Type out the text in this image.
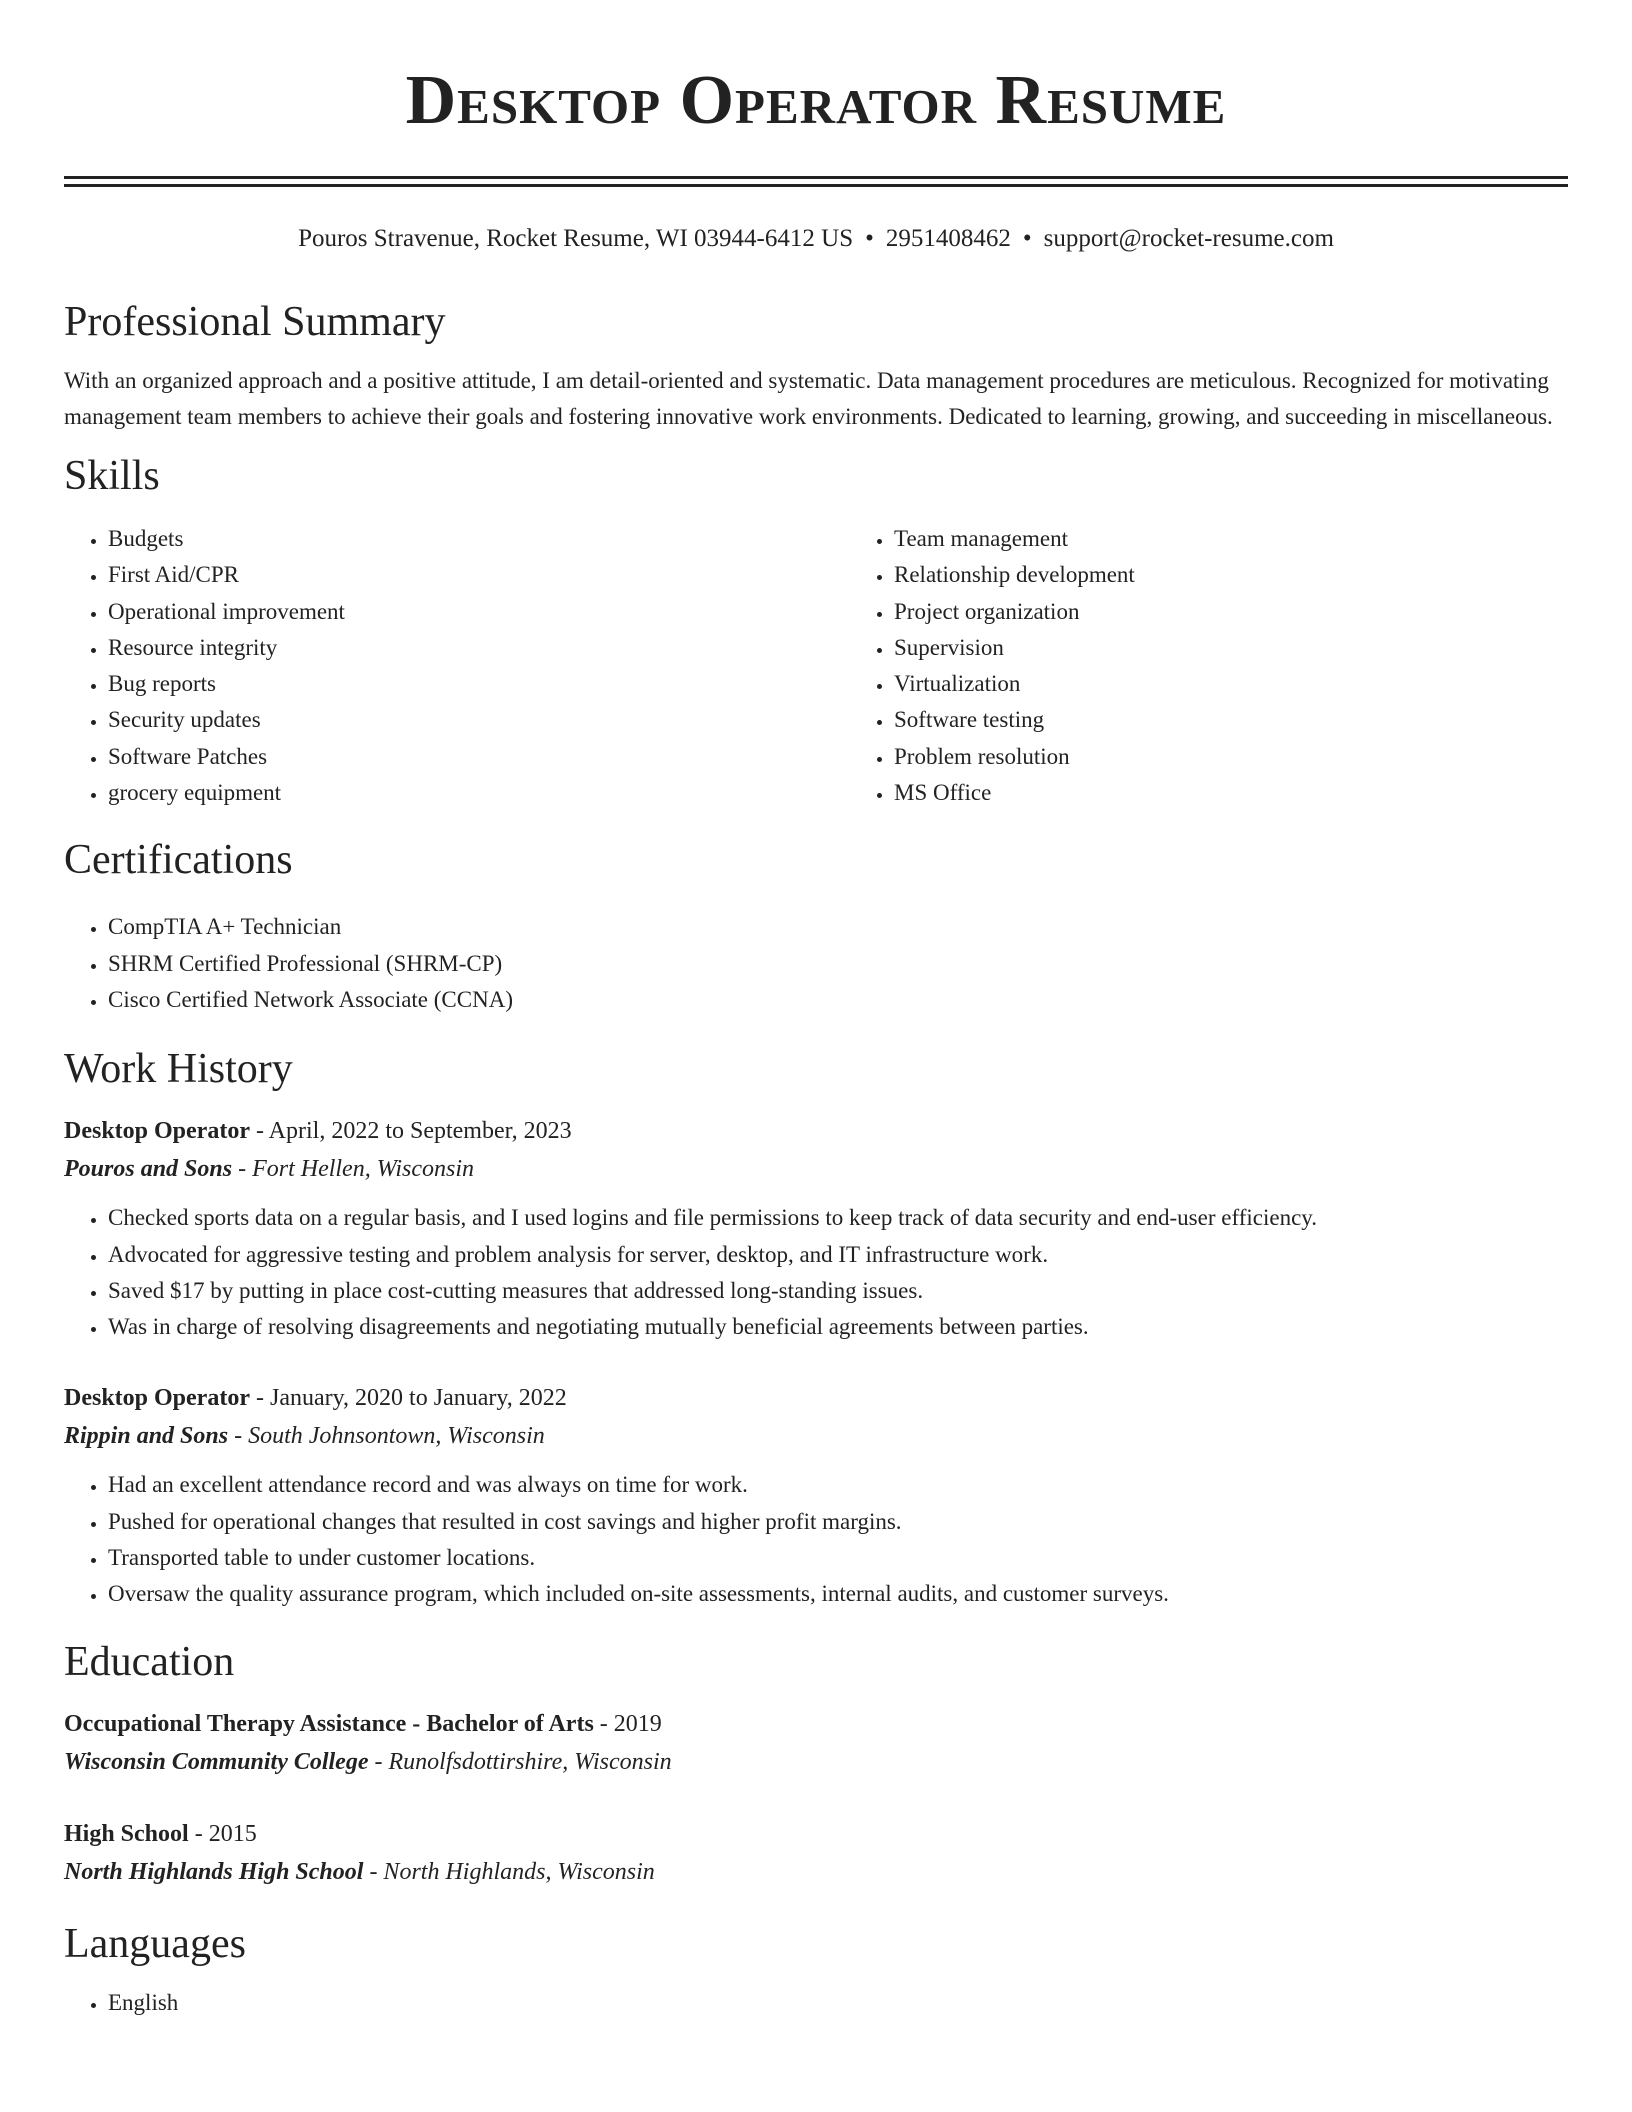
Desktop Operator Resume
Pouros Stravenue, Rocket Resume, WI 03944-6412 US • 2951408462 • support@rocket-resume.com
Professional Summary
With an organized approach and a positive attitude, I am detail-oriented and systematic. Data management procedures are meticulous. Recognized for motivating management team members to achieve their goals and fostering innovative work environments. Dedicated to learning, growing, and succeeding in miscellaneous.
Skills
• Budgets
• First Aid/CPR
• Operational improvement
• Resource integrity
• Bug reports
• Security updates
• Software Patches
• grocery equipment
• Team management
• Relationship development
• Project organization
• Supervision
• Virtualization
• Software testing
• Problem resolution
• MS Office
Certifications
• CompTIA A+ Technician
• SHRM Certified Professional (SHRM-CP)
• Cisco Certified Network Associate (CCNA)
Work History
Desktop Operator - April, 2022 to September, 2023
Pouros and Sons - Fort Hellen, Wisconsin
• Checked sports data on a regular basis, and I used logins and file permissions to keep track of data security and end-user efficiency.
• Advocated for aggressive testing and problem analysis for server, desktop, and IT infrastructure work.
• Saved $17 by putting in place cost-cutting measures that addressed long-standing issues.
• Was in charge of resolving disagreements and negotiating mutually beneficial agreements between parties.
Desktop Operator - January, 2020 to January, 2022
Rippin and Sons - South Johnsontown, Wisconsin
• Had an excellent attendance record and was always on time for work.
• Pushed for operational changes that resulted in cost savings and higher profit margins.
• Transported table to under customer locations.
• Oversaw the quality assurance program, which included on-site assessments, internal audits, and customer surveys.
Education
Occupational Therapy Assistance - Bachelor of Arts - 2019
Wisconsin Community College - Runolfsdottirshire, Wisconsin
High School - 2015
North Highlands High School - North Highlands, Wisconsin
Languages
• English
